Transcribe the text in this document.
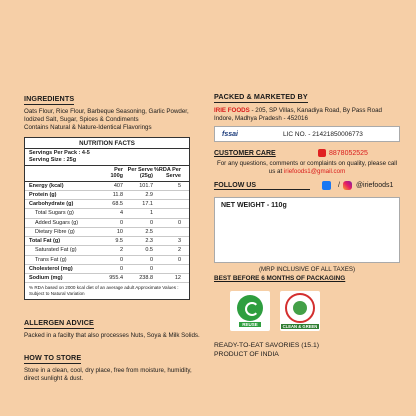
INGREDIENTS
Oats Flour, Rice Flour, Barbeque Seasoning, Garlic Powder, Iodized Salt, Sugar, Spices & Condiments
Contains Natural & Nature-Identical Flavorings
NUTRITION FACTS
Servings Per Pack : 4-5
Serving Size : 25g
Per 100g
Per Serve (25g)
%RDA Per Serve
Energy (kcal)	407	101.7	5
Protein (g)	11.8	2.9
Carbohydrate (g)	68.5	17.1
Total Sugars (g)	4	1
Added Sugars (g)	0	0	0
Dietary Fibre (g)	10	2.5
Total Fat (g)	9.5	2.3	3
Saturated Fat (g)	2	0.5	2
Trans Fat (g)	0	0	0
Cholesterol (mg)	0	0
Sodium (mg)	955.4	238.8	12
% RDA based on 2000 kcal diet of an average adult Approximate Values : Subject to Natural Variation
ALLERGEN ADVICE
Packed in a facilty that also processes Nuts, Soya & Milk Solids.
HOW TO STORE
Store in a clean, cool, dry place, free from moisture, humidity, direct sunlight & dust.
PACKED & MARKETED BY
IRIE FOODS - 205, SP Villas, Kanadiya Road, By Pass Road Indore, Madhya Pradesh - 452016
fssai	LIC NO. - 21421850006773
CUSTOMER CARE	8878052525
For any questions, comments or complaints on quality, please call us at iriefoods1@gmail.com
FOLLOW US	/ @iriefoods1
NET WEIGHT - 110g
(MRP INCLUSIVE OF ALL TAXES)
BEST BEFORE 6 MONTHS OF PACKAGING
REUSE	CLEAN & GREEN
READY-TO-EAT SAVORIES (15.1)
PRODUCT OF INDIA
